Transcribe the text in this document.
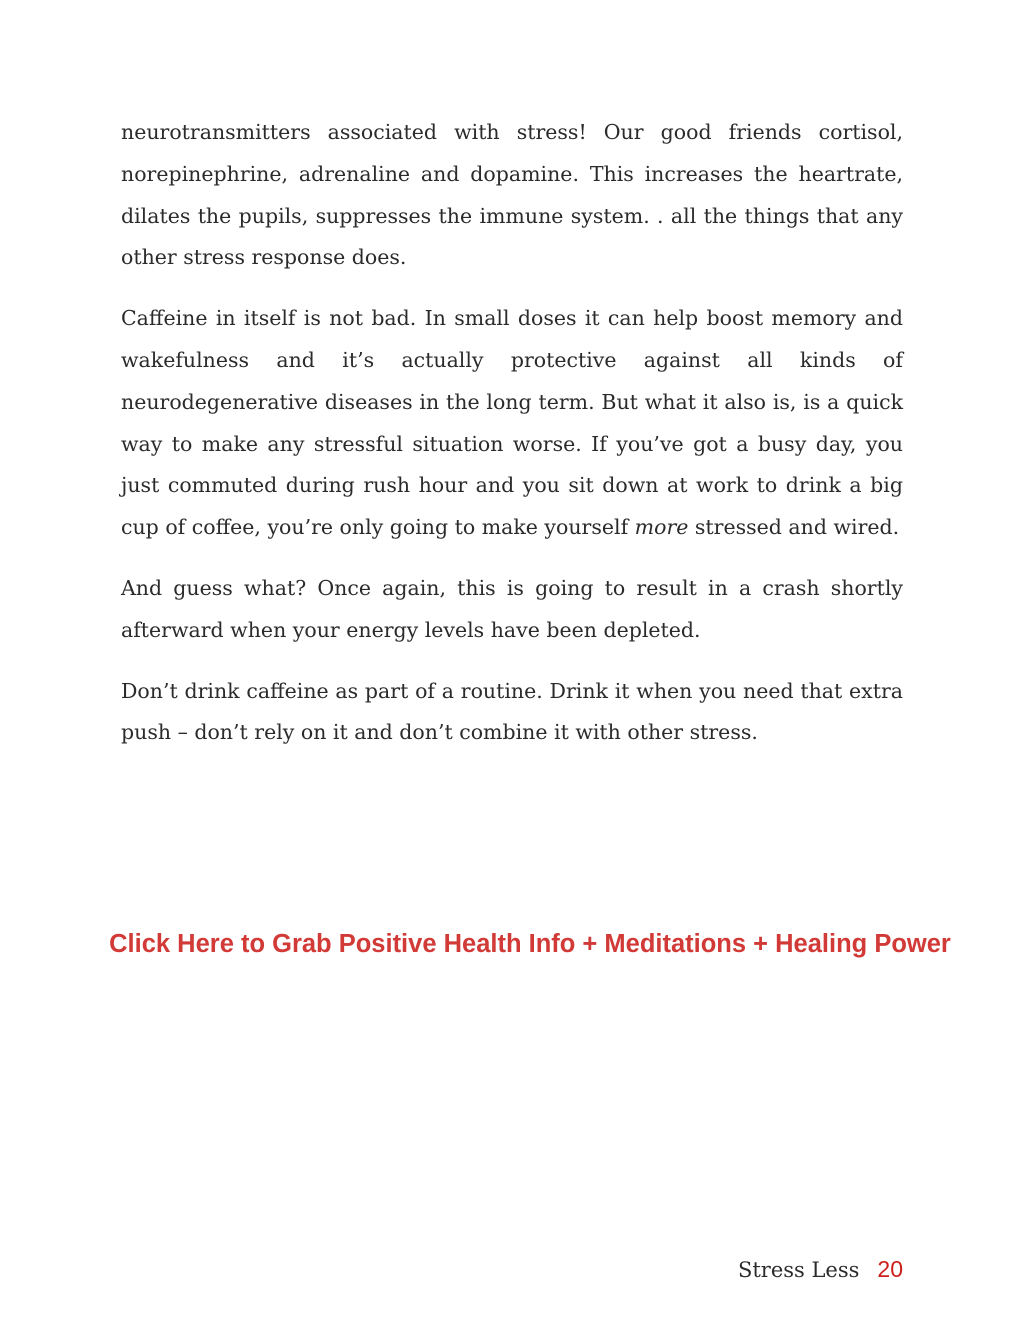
neurotransmitters associated with stress! Our good friends cortisol, norepinephrine, adrenaline and dopamine. This increases the heartrate, dilates the pupils, suppresses the immune system. . all the things that any other stress response does.

Caffeine in itself is not bad. In small doses it can help boost memory and wakefulness and it’s actually protective against all kinds of neurodegenerative diseases in the long term. But what it also is, is a quick way to make any stressful situation worse. If you’ve got a busy day, you just commuted during rush hour and you sit down at work to drink a big cup of coffee, you’re only going to make yourself more stressed and wired.

And guess what? Once again, this is going to result in a crash shortly afterward when your energy levels have been depleted.

Don’t drink caffeine as part of a routine. Drink it when you need that extra push – don’t rely on it and don’t combine it with other stress.

Click Here to Grab Positive Health Info + Meditations + Healing Power
Stress Less 20
